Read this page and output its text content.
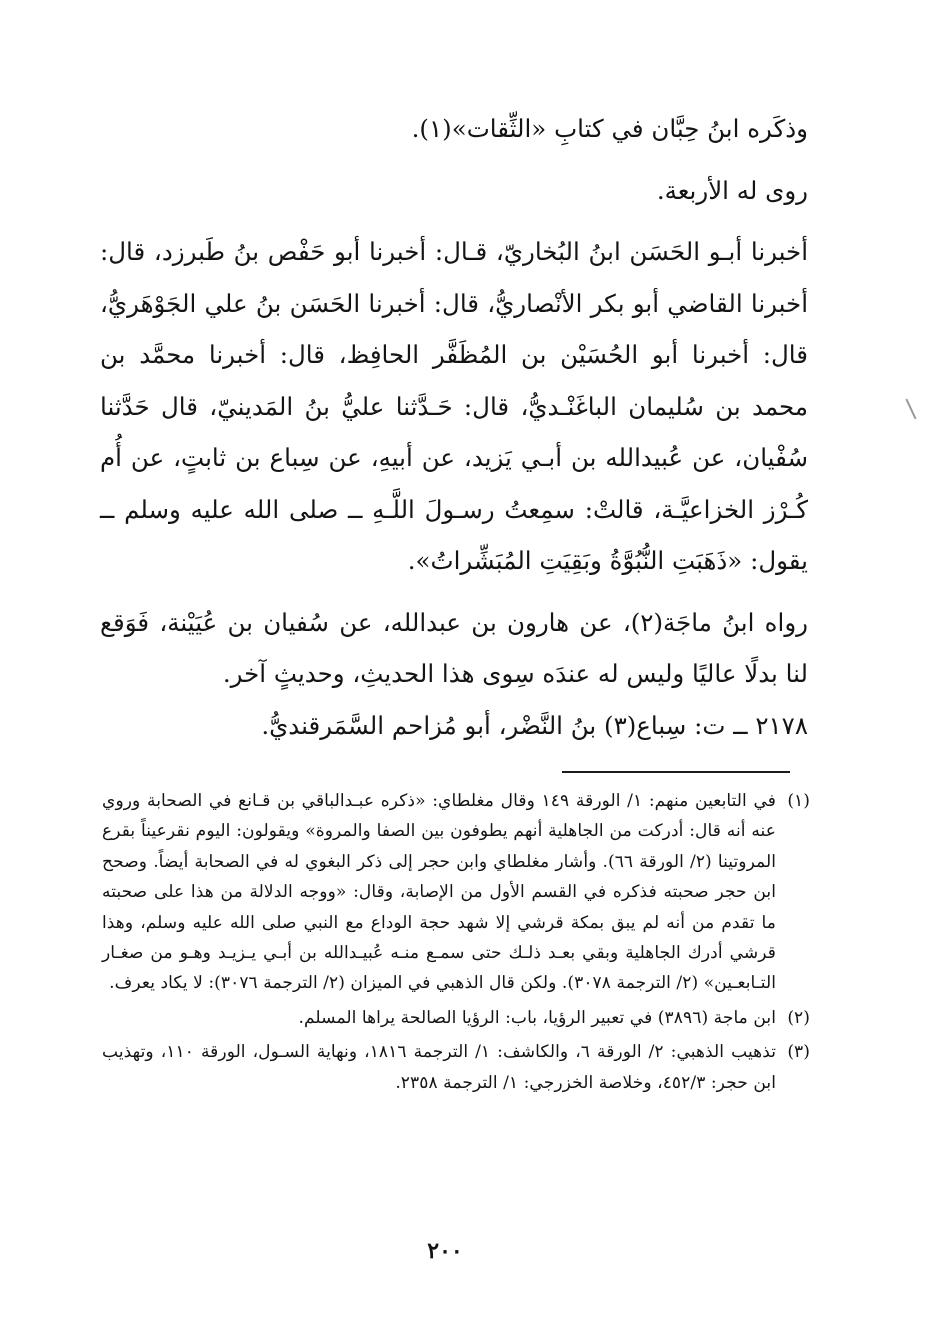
وذكَره ابنُ حِبَّان في كتابِ «الثِّقات»(١).

روى له الأربعة.

أخبرنا أبـو الحَسَن ابنُ البُخاريّ، قـال: أخبرنا أبو حَفْص بنُ طَبرزد، قال: أخبرنا القاضي أبو بكر الأنْصاريُّ، قال: أخبرنا الحَسَن بنُ علي الجَوْهَريُّ، قال: أخبرنا أبو الحُسَيْن بن المُظَفَّر الحافِظ، قال: أخبرنا محمَّد بن محمد بن سُليمان الباغَنْـديُّ، قال: حَـدَّثنا عليُّ بنُ المَدينيّ، قال حَدَّثنا سُفْيان، عن عُبيدالله بن أبـي يَزيد، عن أبيهِ، عن سِباع بن ثابتٍ، عن أُم كُـرْز الخزاعيَّـة، قالتْ: سمِعتُ رسـولَ اللَّـهِ ــ صلى الله عليه وسلم ــ يقول: «ذَهَبَتِ النُّبُوَّةُ وبَقِيَتِ المُبَشِّراتُ».

رواه ابنُ ماجَة(٢)، عن هارون بن عبدالله، عن سُفيان بن عُيَيْنة، فَوَقع لنا بدلًا عاليًا وليس له عندَه سِوى هذا الحديثِ، وحديثٍ آخر.

٢١٧٨ ــ ت: سِباع(٣) بنُ النَّضْر، أبو مُزاحم السَّمَرقنديُّ.

(١)
في التابعين منهم: ١/ الورقة ١٤٩ وقال مغلطاي: «ذكره عبـدالباقي بن قـانع في الصحابة وروي عنه أنه قال: أدركت من الجاهلية أنهم يطوفون بين الصفا والمروة» ويقولون: اليوم نقرعيناً بقرع المروتينا (٢/ الورقة ٦٦). وأشار مغلطاي وابن حجر إلى ذكر البغوي له في الصحابة أيضاً. وصحح ابن حجر صحبته فذكره في القسم الأول من الإصابة، وقال: «ووجه الدلالة من هذا على صحبته ما تقدم من أنه لم يبق بمكة قرشي إلا شهد حجة الوداع مع النبي صلى الله عليه وسلم، وهذا قرشي أدرك الجاهلية وبقي بعـد ذلـك حتى سمـع منـه عُبيـدالله بن أبـي يـزيـد وهـو من صغـار التـابعـين» (٢/ الترجمة ٣٠٧٨). ولكن قال الذهبي في الميزان (٢/ الترجمة ٣٠٧٦): لا يكاد يعرف.
(٢)
ابن ماجة (٣٨٩٦) في تعبير الرؤيا، باب: الرؤيا الصالحة يراها المسلم.
(٣)
تذهيب الذهبي: ٢/ الورقة ٦، والكاشف: ١/ الترجمة ١٨١٦، ونهاية السـول، الورقة ١١٠، وتهذيب ابن حجر: ٤٥٢/٣، وخلاصة الخزرجي: ١/ الترجمة ٢٣٥٨.
٢٠٠
